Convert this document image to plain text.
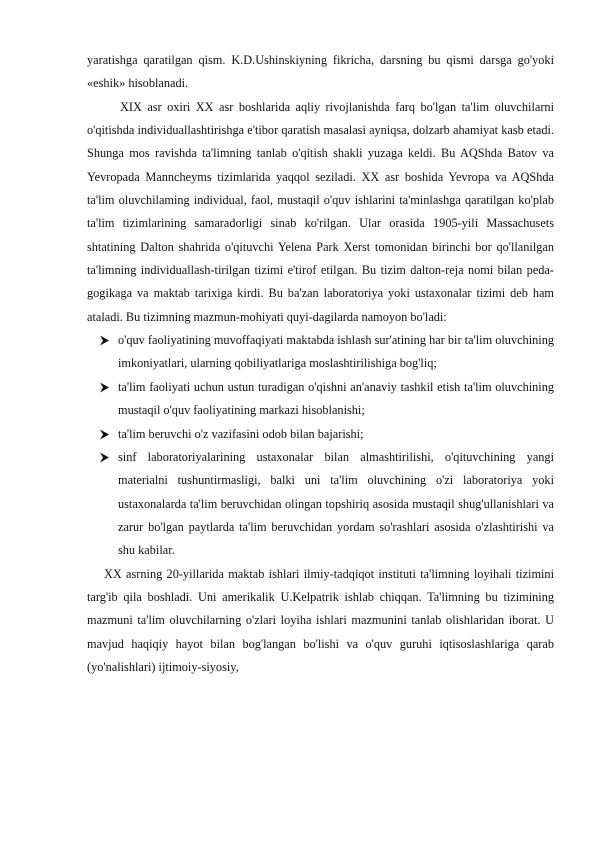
yaratishga qaratilgan qism. K.D.Ushinskiyning fikricha, darsning bu qismi darsga go'yoki «eshik» hisoblanadi.

XIX asr oxiri XX asr boshlarida aqliy rivojlanishda farq bo'lgan ta'lim oluvchilarni o'qitishda individuallashtirishga e'tibor qaratish masalasi ayniqsa, dolzarb ahamiyat kasb etadi. Shunga mos ravishda ta'limning tanlab o'qitish shakli yuzaga keldi. Bu AQShda Batov va Yevropada Manncheyms tizimlarida yaqqol seziladi. XX asr boshida Yevropa va AQShda ta'lim oluvchilaming individual, faol, mustaqil o'quv ishlarini ta'minlashga qaratilgan ko'plab ta'lim tizimlarining samaradorligi sinab ko'rilgan. Ular orasida 1905-yili Massachusets shtatining Dalton shahrida o'qituvchi Yelena Park Xerst tomonidan birinchi bor qo'llanilgan ta'limning individuallash-tirilgan tizimi e'tirof etilgan. Bu tizim dalton-reja nomi bilan peda-gogikaga va maktab tarixiga kirdi. Bu ba'zan laboratoriya yoki ustaxonalar tizimi deb ham ataladi. Bu tizimning mazmun-mohiyati quyi-dagilarda namoyon bo'ladi:

o'quv faoliyatining muvoffaqiyati maktabda ishlash sur'atining har bir ta'lim oluvchining imkoniyatlari, ularning qobiliyatlariga moslashtirilishiga bog'liq;
ta'lim faoliyati uchun ustun turadigan o'qishni an'anaviy tashkil etish ta'lim oluvchining mustaqil o'quv faoliyatining markazi hisoblanishi;
ta'lim beruvchi o'z vazifasini odob bilan bajarishi;
sinf laboratoriyalarining ustaxonalar bilan almashtirilishi, o'qituvchining yangi materialni tushuntirmasligi, balki uni ta'lim oluvchining o'zi laboratoriya yoki ustaxonalarda ta'lim beruvchidan olingan topshiriq asosida mustaqil shug'ullanishlari va zarur bo'lgan paytlarda ta'lim beruvchidan yordam so'rashlari asosida o'zlashtirishi va shu kabilar.

XX asrning 20-yillarida maktab ishlari ilmiy-tadqiqot instituti ta'limning loyihali tizimini targ'ib qila boshladi. Uni amerikalik U.Kelpatrik ishlab chiqqan. Ta'limning bu tizimining mazmuni ta'lim oluvchilarning o'zlari loyiha ishlari mazmunini tanlab olishlaridan iborat. U mavjud haqiqiy hayot bilan bog'langan bo'lishi va o'quv guruhi iqtisoslashlariga qarab (yo'nalishlari) ijtimoiy-siyosiy,
